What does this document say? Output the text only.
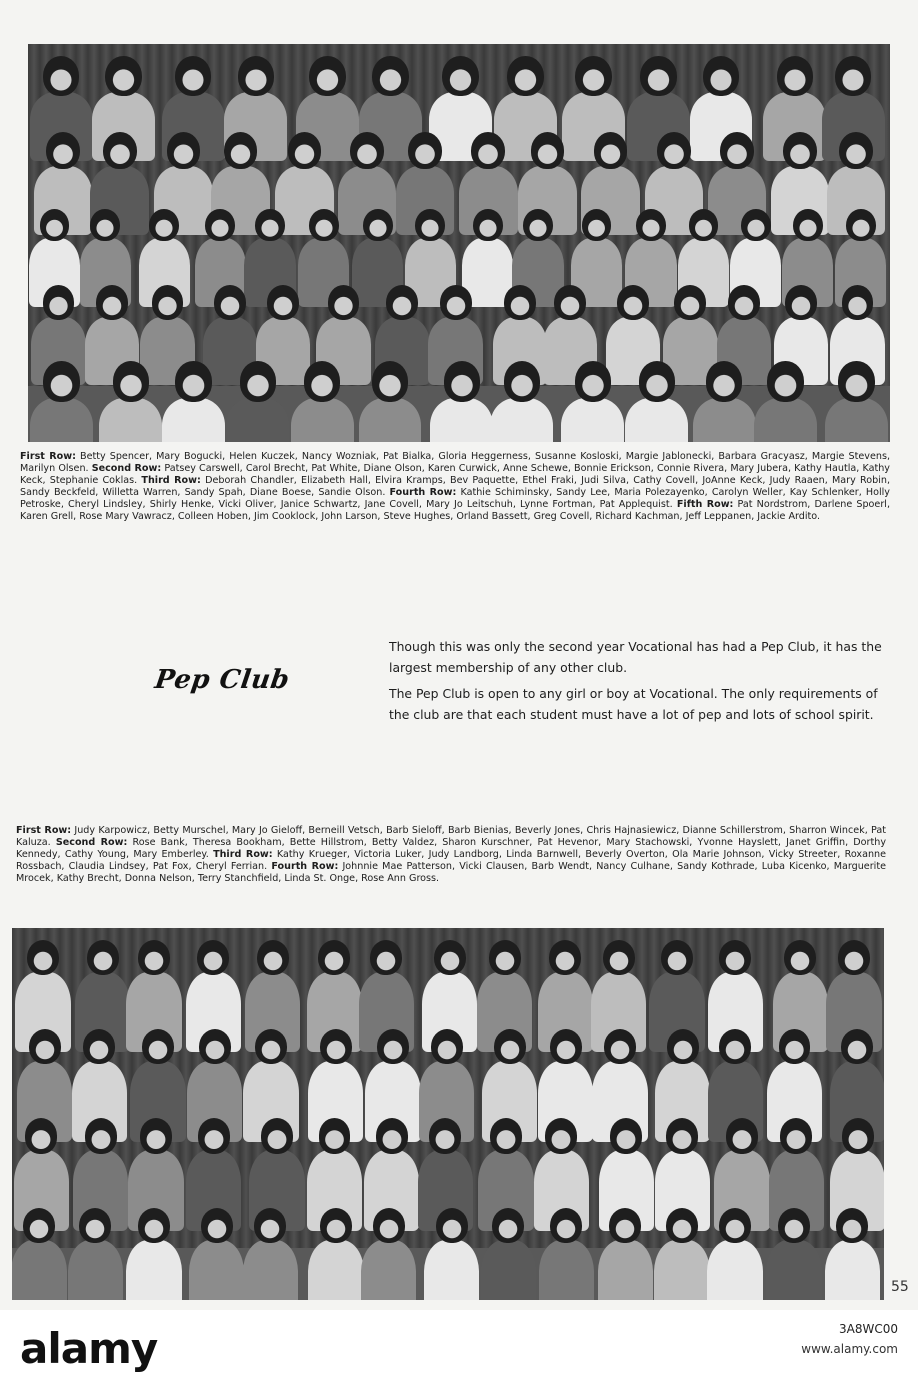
First Row: Betty Spencer, Mary Bogucki, Helen Kuczek, Nancy Wozniak, Pat Bialka, Gloria Heggerness, Susanne Kosloski, Margie Jablonecki, Barbara Gracyasz, Margie Stevens, Marilyn Olsen. Second Row: Patsey Carswell, Carol Brecht, Pat White, Diane Olson, Karen Curwick, Anne Schewe, Bonnie Erickson, Connie Rivera, Mary Jubera, Kathy Hautla, Kathy Keck, Stephanie Coklas. Third Row: Deborah Chandler, Elizabeth Hall, Elvira Kramps, Bev Paquette, Ethel Fraki, Judi Silva, Cathy Covell, JoAnne Keck, Judy Raaen, Mary Robin, Sandy Beckfeld, Willetta Warren, Sandy Spah, Diane Boese, Sandie Olson. Fourth Row: Kathie Schiminsky, Sandy Lee, Maria Polezayenko, Carolyn Weller, Kay Schlenker, Holly Petroske, Cheryl Lindsley, Shirly Henke, Vicki Oliver, Janice Schwartz, Jane Covell, Mary Jo Leitschuh, Lynne Fortman, Pat Applequist. Fifth Row: Pat Nordstrom, Darlene Spoerl, Karen Grell, Rose Mary Vawracz, Colleen Hoben, Jim Cooklock, John Larson, Steve Hughes, Orland Bassett, Greg Covell, Richard Kachman, Jeff Leppanen, Jackie Ardito.

Pep Club

Though this was only the second year Vocational has had a Pep Club, it has the largest membership of any other club.

The Pep Club is open to any girl or boy at Vocational. The only requirements of the club are that each student must have a lot of pep and lots of school spirit.

First Row: Judy Karpowicz, Betty Murschel, Mary Jo Gieloff, Berneill Vetsch, Barb Sieloff, Barb Bienias, Beverly Jones, Chris Hajnasiewicz, Dianne Schillerstrom, Sharron Wincek, Pat Kaluza. Second Row: Rose Bank, Theresa Bookham, Bette Hillstrom, Betty Valdez, Sharon Kurschner, Pat Hevenor, Mary Stachowski, Yvonne Hayslett, Janet Griffin, Dorthy Kennedy, Cathy Young, Mary Emberley. Third Row: Kathy Krueger, Victoria Luker, Judy Landborg, Linda Barnwell, Beverly Overton, Ola Marie Johnson, Vicky Streeter, Roxanne Rossbach, Claudia Lindsey, Pat Fox, Cheryl Ferrian. Fourth Row: Johnnie Mae Patterson, Vicki Clausen, Barb Wendt, Nancy Culhane, Sandy Kothrade, Luba Kicenko, Marguerite Mrocek, Kathy Brecht, Donna Nelson, Terry Stanchfield, Linda St. Onge, Rose Ann Gross.

55
alamy	3A8WC00
www.alamy.com
